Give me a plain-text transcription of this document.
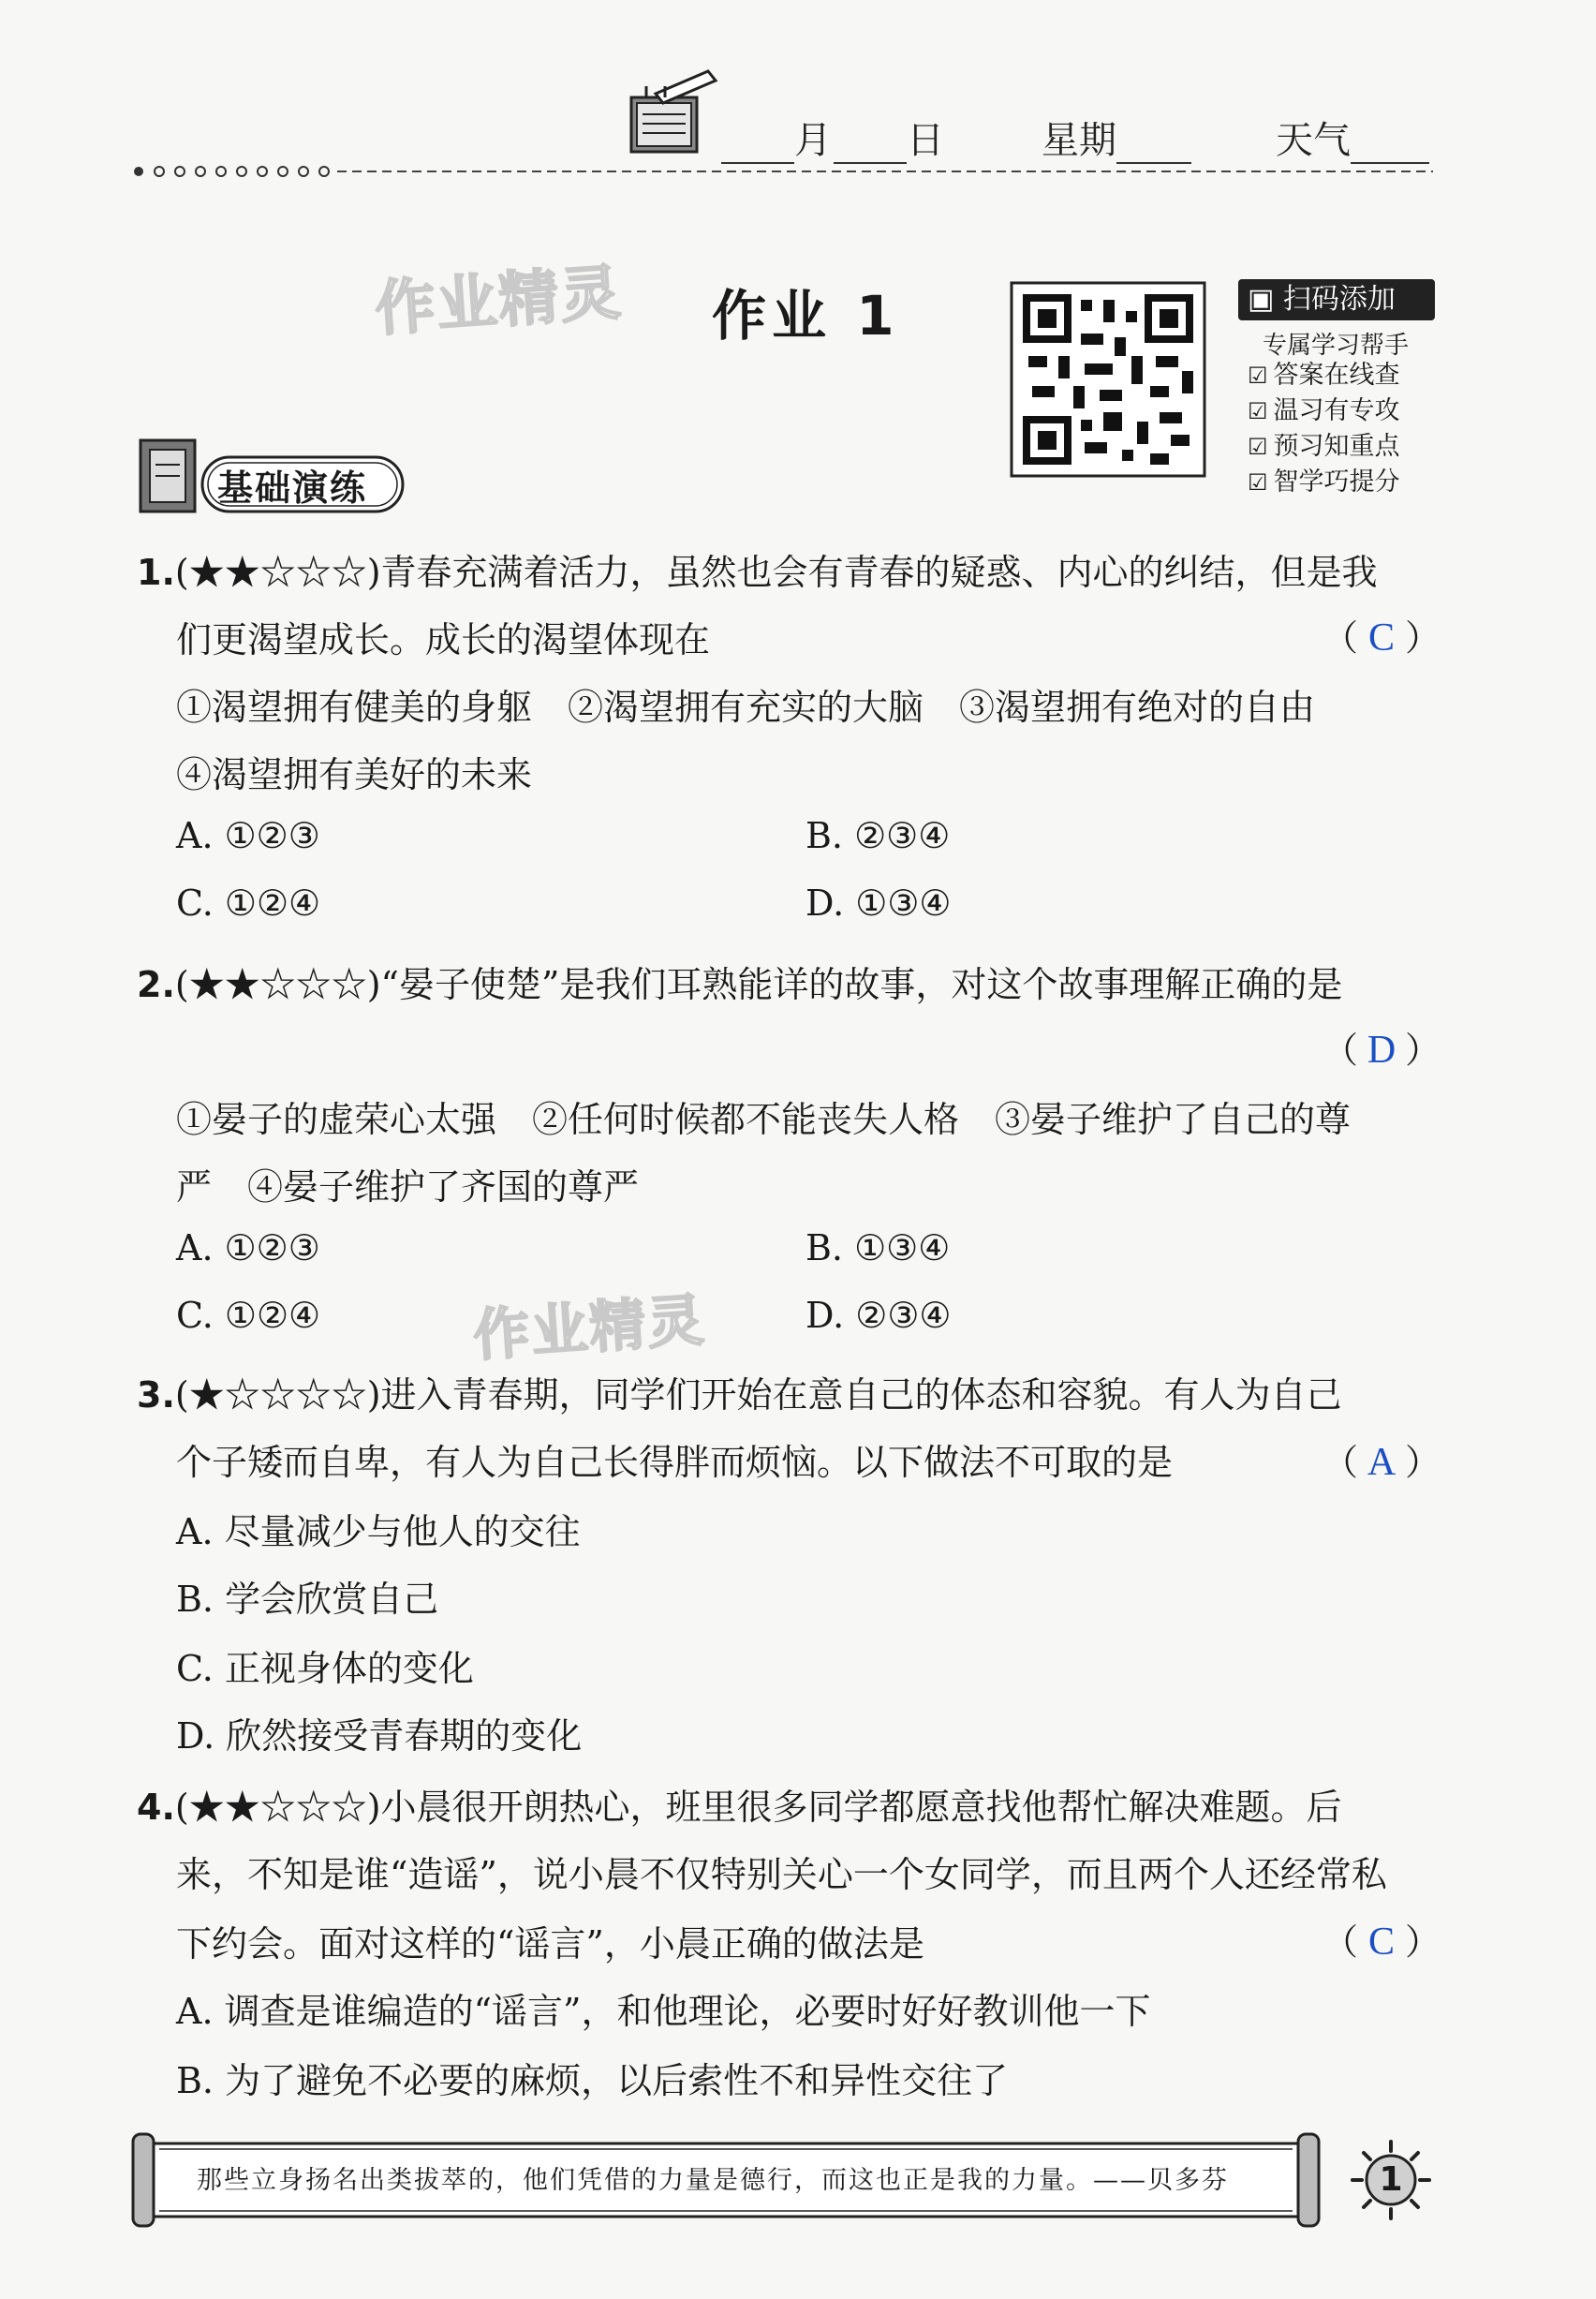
月	日	星期	天气
作业精灵
作业精灵
作业 1	▣ 扫码添加
专属学习帮手
☑ 答案在线查
☑ 温习有专攻
☑ 预习知重点
☑ 智学巧提分
基础演练
1.(★★☆☆☆)青春充满着活力，虽然也会有青春的疑惑、内心的纠结，但是我
们更渴望成长。成长的渴望体现在	（ C ）
①渴望拥有健美的身躯　②渴望拥有充实的大脑　③渴望拥有绝对的自由
④渴望拥有美好的未来
A. ①②③	B. ②③④
C. ①②④	D. ①③④
2.(★★☆☆☆)“晏子使楚”是我们耳熟能详的故事，对这个故事理解正确的是
（ D ）
①晏子的虚荣心太强　②任何时候都不能丧失人格　③晏子维护了自己的尊
严　④晏子维护了齐国的尊严
A. ①②③	B. ①③④
C. ①②④	D. ②③④
3.(★☆☆☆☆)进入青春期，同学们开始在意自己的体态和容貌。有人为自己
个子矮而自卑，有人为自己长得胖而烦恼。以下做法不可取的是	（ A ）
A. 尽量减少与他人的交往
B. 学会欣赏自己
C. 正视身体的变化
D. 欣然接受青春期的变化
4.(★★☆☆☆)小晨很开朗热心，班里很多同学都愿意找他帮忙解决难题。后
来，不知是谁“造谣”，说小晨不仅特别关心一个女同学，而且两个人还经常私
下约会。面对这样的“谣言”，小晨正确的做法是	（ C ）
A. 调查是谁编造的“谣言”，和他理论，必要时好好教训他一下
B. 为了避免不必要的麻烦，以后索性不和异性交往了
那些立身扬名出类拔萃的，他们凭借的力量是德行，而这也正是我的力量。——贝多芬	1
